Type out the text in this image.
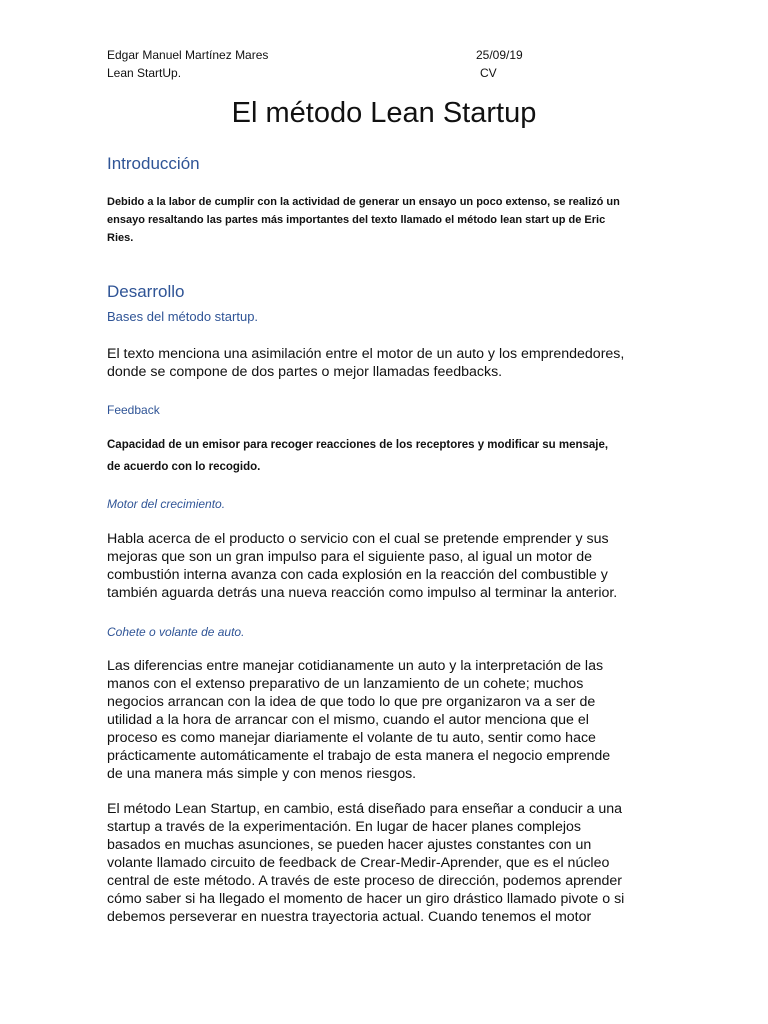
Edgar Manuel Martínez Mares	25/09/19
Lean StartUp.	CV
El método Lean Startup
Introducción
Debido a la labor de cumplir con la actividad de generar un ensayo un poco extenso, se realizó un
ensayo resaltando las partes más importantes del texto llamado el método lean start up de Eric
Ries.
Desarrollo
Bases del método startup.
El texto menciona una asimilación entre el motor de un auto y los emprendedores,
donde se compone de dos partes o mejor llamadas feedbacks.
Feedback
Capacidad de un emisor para recoger reacciones de los receptores y modificar su mensaje,
de acuerdo con lo recogido.
Motor del crecimiento.
Habla acerca de el producto o servicio con el cual se pretende emprender y sus
mejoras que son un gran impulso para el siguiente paso, al igual un motor de
combustión interna avanza con cada explosión en la reacción del combustible y
también aguarda detrás una nueva reacción como impulso al terminar la anterior.
Cohete o volante de auto.
Las diferencias entre manejar cotidianamente un auto y la interpretación de las
manos con el extenso preparativo de un lanzamiento de un cohete; muchos
negocios arrancan con la idea de que todo lo que pre organizaron va a ser de
utilidad a la hora de arrancar con el mismo, cuando el autor menciona que el
proceso es como manejar diariamente el volante de tu auto, sentir como hace
prácticamente automáticamente el trabajo de esta manera el negocio emprende
de una manera más simple y con menos riesgos.
El método Lean Startup, en cambio, está diseñado para enseñar a conducir a una
startup a través de la experimentación. En lugar de hacer planes complejos
basados en muchas asunciones, se pueden hacer ajustes constantes con un
volante llamado circuito de feedback de Crear-Medir-Aprender, que es el núcleo
central de este método. A través de este proceso de dirección, podemos aprender
cómo saber si ha llegado el momento de hacer un giro drástico llamado pivote o si
debemos perseverar en nuestra trayectoria actual. Cuando tenemos el motor
